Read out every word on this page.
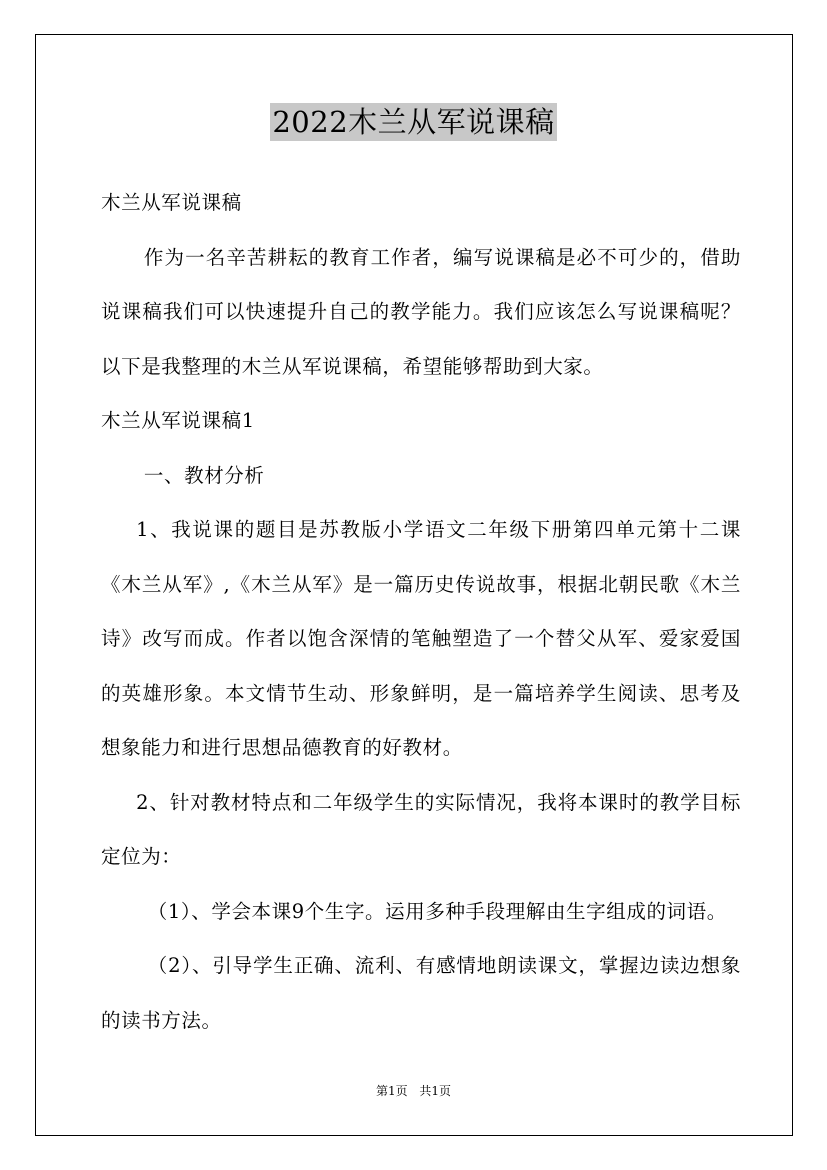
2022木兰从军说课稿

木兰从军说课稿

作为一名辛苦耕耘的教育工作者，编写说课稿是必不可少的，借助说课稿我们可以快速提升自己的教学能力。我们应该怎么写说课稿呢？以下是我整理的木兰从军说课稿，希望能够帮助到大家。

木兰从军说课稿1

一、教材分析

1、我说课的题目是苏教版小学语文二年级下册第四单元第十二课《木兰从军》,《木兰从军》是一篇历史传说故事，根据北朝民歌《木兰诗》改写而成。作者以饱含深情的笔触塑造了一个替父从军、爱家爱国的英雄形象。本文情节生动、形象鲜明，是一篇培养学生阅读、思考及想象能力和进行思想品德教育的好教材。

2、针对教材特点和二年级学生的实际情况，我将本课时的教学目标定位为：

（1）、学会本课9个生字。运用多种手段理解由生字组成的词语。

（2）、引导学生正确、流利、有感情地朗读课文，掌握边读边想象的读书方法。

第1页 共1页
